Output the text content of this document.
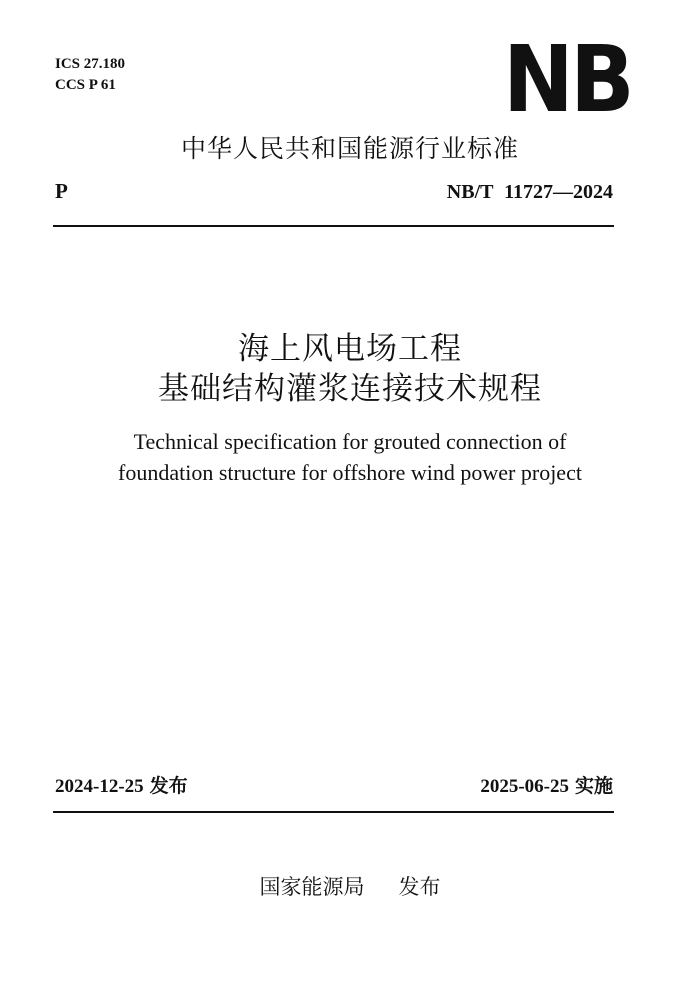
ICS 27.180
CCS P 61	NB
中华人民共和国能源行业标准
P	NB/T 11727—2024
海上风电场工程
基础结构灌浆连接技术规程
Technical specification for grouted connection of
foundation structure for offshore wind power project
2024-12-25 发布	2025-06-25 实施
国家能源局 发布
